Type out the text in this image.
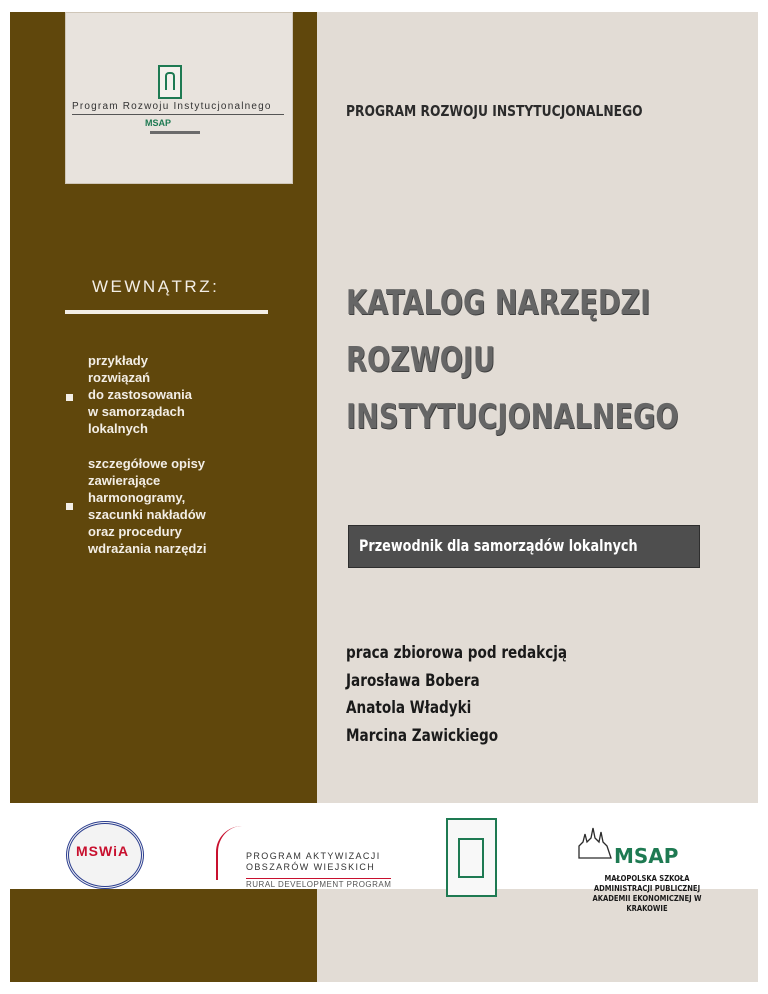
Program Rozwoju Instytucjonalnego
MSAP
PROGRAM ROZWOJU INSTYTUCJONALNEGO
WEWNĄTRZ:
przykłady
rozwiązań
do zastosowania
w samorządach
lokalnych
szczegółowe opisy
zawierające
harmonogramy,
szacunki nakładów
oraz procedury
wdrażania narzędzi
KATALOG NARZĘDZI
ROZWOJU
INSTYTUCJONALNEGO
Przewodnik dla samorządów lokalnych
praca zbiorowa pod redakcją
Jarosława Bobera
Anatola Władyki
Marcina Zawickiego
MSWiA	PROGRAM AKTYWIZACJI
OBSZARÓW WIEJSKICH
RURAL DEVELOPMENT PROGRAM
MSAP
MAŁOPOLSKA SZKOŁA ADMINISTRACJI PUBLICZNEJ
AKADEMII EKONOMICZNEJ W KRAKOWIE
